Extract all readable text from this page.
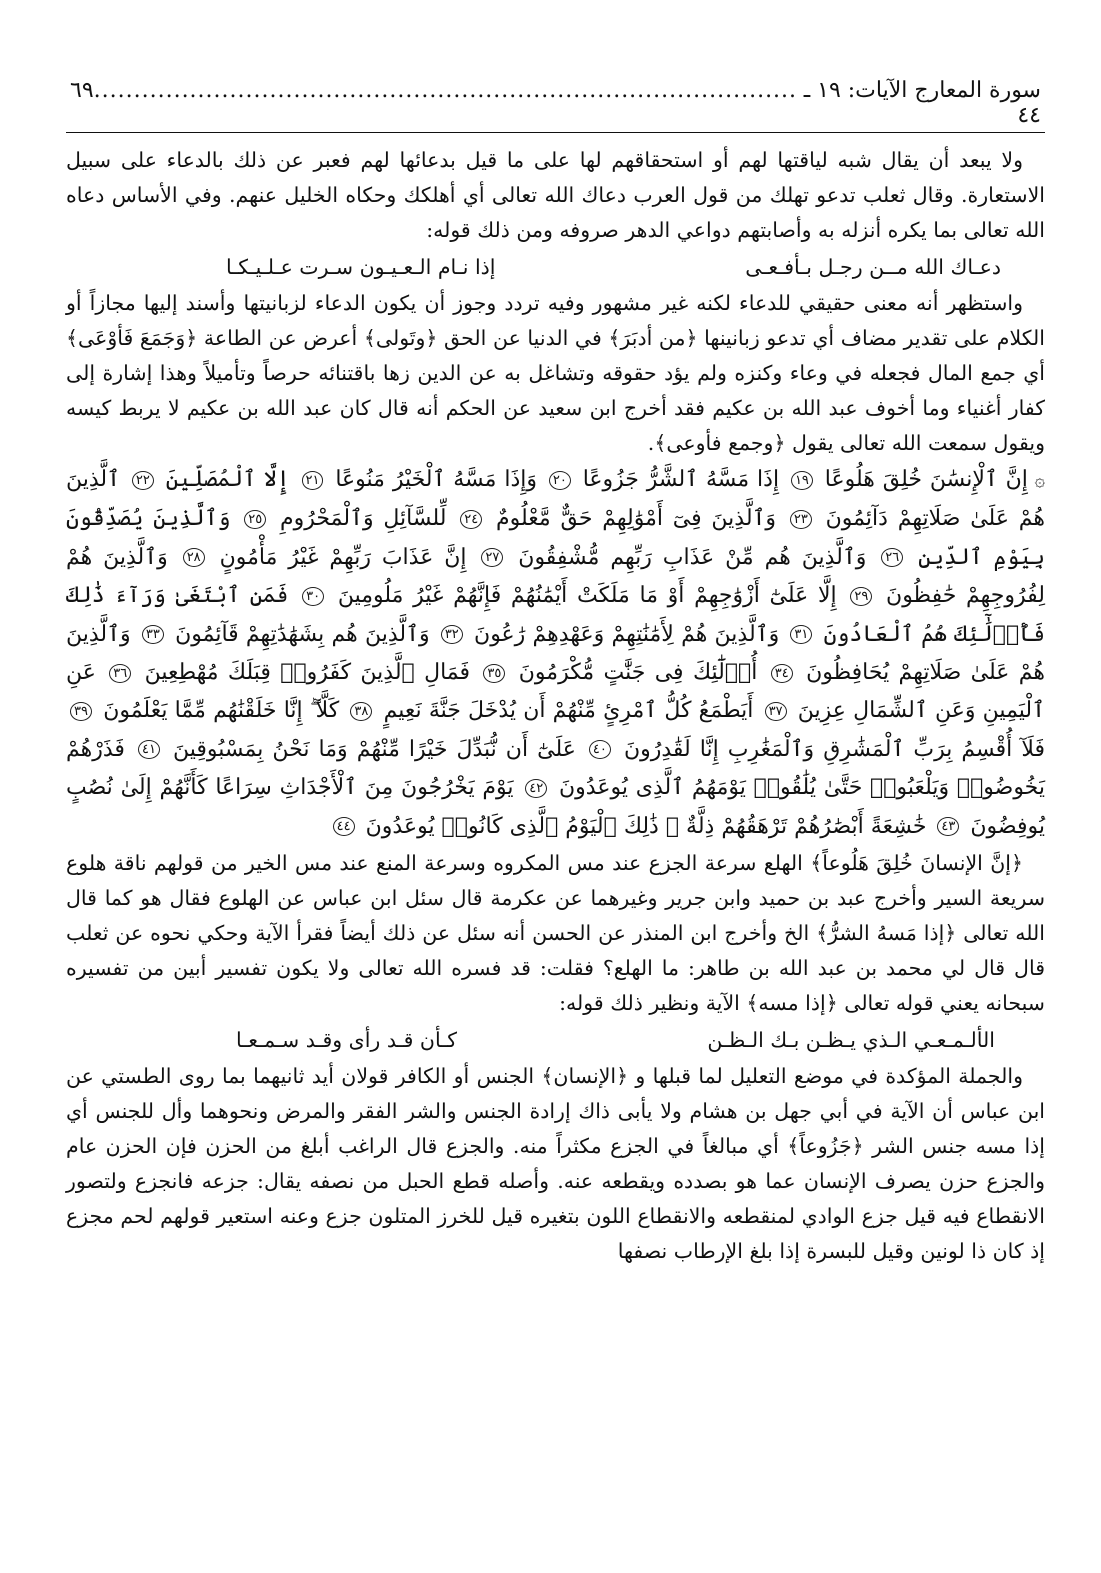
سورة المعارج الآيات: ١٩ ـ ٤٤
........................................................................................
٦٩

ولا يبعد أن يقال شبه لياقتها لهم أو استحقاقهم لها على ما قيل بدعائها لهم فعبر عن ذلك بالدعاء على سبيل الاستعارة. وقال ثعلب تدعو تهلك من قول العرب دعاك الله تعالى أي أهلكك وحكاه الخليل عنهم. وفي الأساس دعاه الله تعالى بما يكره أنزله به وأصابتهم دواعي الدهر صروفه ومن ذلك قوله:

دعـاك الله مــن رجـل بـأفـعـى
إذا نـام الـعـيـون سـرت عـلـيـكـا

واستظهر أنه معنى حقيقي للدعاء لكنه غير مشهور وفيه تردد وجوز أن يكون الدعاء لزبانيتها وأسند إليها مجازاً أو الكلام على تقدير مضاف أي تدعو زبانينها ﴿من أدبَرَ﴾ في الدنيا عن الحق ﴿وتَولى﴾ أعرض عن الطاعة ﴿وَجَمَعَ فَأوْعَى﴾ أي جمع المال فجعله في وعاء وكنزه ولم يؤد حقوقه وتشاغل به عن الدين زها باقتنائه حرصاً وتأميلاً وهذا إشارة إلى كفار أغنياء وما أخوف عبد الله بن عكيم فقد أخرج ابن سعيد عن الحكم أنه قال كان عبد الله بن عكيم لا يربط كيسه ويقول سمعت الله تعالى يقول ﴿وجمع فأوعى﴾.

۞ إِنَّ ٱلْإِنسَٰنَ خُلِقَ هَلُوعًا ١٩ إِذَا مَسَّهُ ٱلشَّرُّ جَزُوعًا ٢٠ وَإِذَا مَسَّهُ ٱلْخَيْرُ مَنُوعًا ٢١ إِلَّا ٱلْمُصَلِّينَ ٢٢ ٱلَّذِينَ هُمْ عَلَىٰ صَلَاتِهِمْ دَآئِمُونَ ٢٣ وَٱلَّذِينَ فِىٓ أَمْوَٰلِهِمْ حَقٌّ مَّعْلُومٌ ٢٤ لِّلسَّآئِلِ وَٱلْمَحْرُومِ ٢٥ وَٱلَّذِينَ يُصَدِّقُونَ بِيَوْمِ ٱلدِّينِ ٢٦ وَٱلَّذِينَ هُم مِّنْ عَذَابِ رَبِّهِم مُّشْفِقُونَ ٢٧ إِنَّ عَذَابَ رَبِّهِمْ غَيْرُ مَأْمُونٍ ٢٨ وَٱلَّذِينَ هُمْ لِفُرُوجِهِمْ حَٰفِظُونَ ٢٩ إِلَّا عَلَىٰٓ أَزْوَٰجِهِمْ أَوْ مَا مَلَكَتْ أَيْمَٰنُهُمْ فَإِنَّهُمْ غَيْرُ مَلُومِينَ ٣٠ فَمَنِ ٱبْتَغَىٰ وَرَآءَ ذَٰلِكَ فَأُو۟لَٰٓئِكَ هُمُ ٱلْعَادُونَ ٣١ وَٱلَّذِينَ هُمْ لِأَمَٰنَٰتِهِمْ وَعَهْدِهِمْ رَٰعُونَ ٣٢ وَٱلَّذِينَ هُم بِشَهَٰدَٰتِهِمْ قَآئِمُونَ ٣٣ وَٱلَّذِينَ هُمْ عَلَىٰ صَلَاتِهِمْ يُحَافِظُونَ ٣٤ أُو۟لَٰٓئِكَ فِى جَنَّٰتٍ مُّكْرَمُونَ ٣٥ فَمَالِ ٱلَّذِينَ كَفَرُوا۟ قِبَلَكَ مُهْطِعِينَ ٣٦ عَنِ ٱلْيَمِينِ وَعَنِ ٱلشِّمَالِ عِزِينَ ٣٧ أَيَطْمَعُ كُلُّ ٱمْرِئٍ مِّنْهُمْ أَن يُدْخَلَ جَنَّةَ نَعِيمٍ ٣٨ كَلَّآ ۖ إِنَّا خَلَقْنَٰهُم مِّمَّا يَعْلَمُونَ ٣٩ فَلَآ أُقْسِمُ بِرَبِّ ٱلْمَشَٰرِقِ وَٱلْمَغَٰرِبِ إِنَّا لَقَٰدِرُونَ ٤٠ عَلَىٰٓ أَن نُّبَدِّلَ خَيْرًا مِّنْهُمْ وَمَا نَحْنُ بِمَسْبُوقِينَ ٤١ فَذَرْهُمْ يَخُوضُوا۟ وَيَلْعَبُوا۟ حَتَّىٰ يُلَٰقُوا۟ يَوْمَهُمُ ٱلَّذِى يُوعَدُونَ ٤٢ يَوْمَ يَخْرُجُونَ مِنَ ٱلْأَجْدَاثِ سِرَاعًا كَأَنَّهُمْ إِلَىٰ نُصُبٍ يُوفِضُونَ ٤٣ خَٰشِعَةً أَبْصَٰرُهُمْ تَرْهَقُهُمْ ذِلَّةٌ ۚ ذَٰلِكَ ٱلْيَوْمُ ٱلَّذِى كَانُوا۟ يُوعَدُونَ ٤٤

﴿إنَّ الإنسانَ خُلِقَ هَلُوعاً﴾ الهلع سرعة الجزع عند مس المكروه وسرعة المنع عند مس الخير من قولهم ناقة هلوع سريعة السير وأخرج عبد بن حميد وابن جرير وغيرهما عن عكرمة قال سئل ابن عباس عن الهلوع فقال هو كما قال الله تعالى ﴿إذا مَسهُ الشرُّ﴾ الخ وأخرج ابن المنذر عن الحسن أنه سئل عن ذلك أيضاً فقرأ الآية وحكي نحوه عن ثعلب قال قال لي محمد بن عبد الله بن طاهر: ما الهلع؟ فقلت: قد فسره الله تعالى ولا يكون تفسير أبين من تفسيره سبحانه يعني قوله تعالى ﴿إذا مسه﴾ الآية ونظير ذلك قوله:

الألـمـعـي الـذي يـظـن بـك الـظـن
كـأن قـد رأى وقـد سـمـعـا

والجملة المؤكدة في موضع التعليل لما قبلها و ﴿الإنسان﴾ الجنس أو الكافر قولان أيد ثانيهما بما روى الطستي عن ابن عباس أن الآية في أبي جهل بن هشام ولا يأبى ذاك إرادة الجنس والشر الفقر والمرض ونحوهما وأل للجنس أي إذا مسه جنس الشر ﴿جَزُوعاً﴾ أي مبالغاً في الجزع مكثراً منه. والجزع قال الراغب أبلغ من الحزن فإن الحزن عام والجزع حزن يصرف الإنسان عما هو بصدده ويقطعه عنه. وأصله قطع الحبل من نصفه يقال: جزعه فانجزع ولتصور الانقطاع فيه قيل جزع الوادي لمنقطعه والانقطاع اللون بتغيره قيل للخرز المتلون جزع وعنه استعير قولهم لحم مجزع إذ كان ذا لونين وقيل للبسرة إذا بلغ الإرطاب نصفها
